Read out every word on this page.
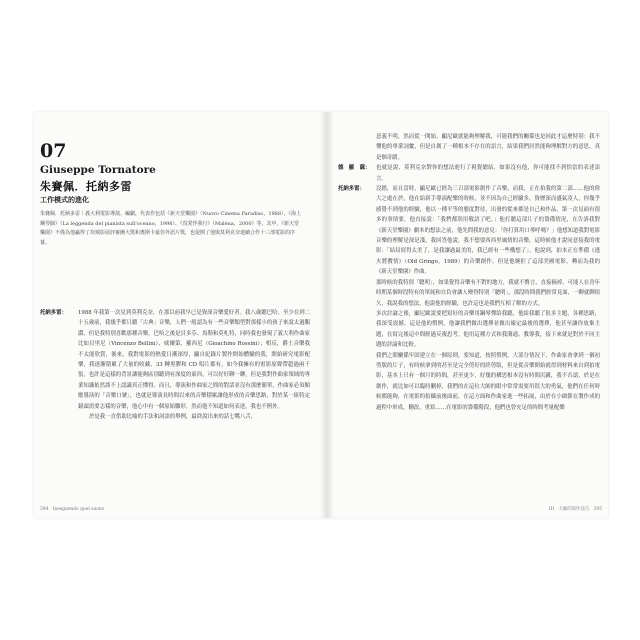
07
Giuseppe Tornatore
朱賽佩．托納多雷
工作模式的進化

朱賽佩．托納多雷｜義大利電影導演、編劇，代表作包括《新天堂樂園》（Nuovo Cinema Paradiso，1988）、《海上鋼琴師》（La leggenda del pianista sull'oceano，1998）、《真愛伴我行》（Malèna，2000）等。其中，《新天堂樂園》不僅為他贏得了坎城影展評審團大獎和奧斯卡最佳外語片獎，也促開了他與莫利克奈連續合作十三部電影的序幕。

托納多雷：	1988 年我第一次見到莫利克奈，在那以前我早已是資深音樂愛好者。我八歲聽巴哈，至少在到二十五歲前，我幾乎都只聽「古典」音樂，人們一般認為有一些音樂類型對那樣小的孩子來說太過艱澀，但是我特別喜歡那種音樂，巴哈之後是貝多芬、馬勒和莫札特，同時我也發現了義大利作曲家比如貝里尼（Vincenzo Bellini）、威爾第、羅西尼（Gioachino Rossini）；相反，爵士音樂我不太能欣賞，後來，我對電影的熱愛日漸深厚，顯自紀錄片製作開始體驗的我，開始研究電影配樂，我逐漸積累了大量的收藏，33 轉黑膠和 CD 唱片都有，如今我擁有的電影原聲帶超過兩千張，也許是這樣的背景讓能夠區別聽到有深度的東西，可以好好聊一聊，但是我對作曲家領域的專業知識依然談不上認識真正懂得。而且，導演和作曲家之間的對話並沒有那麼簡單，作曲家必須順應導演的「音樂口號」，也就是導演長時間以來的音樂積累讓他形成的音樂思路，對於某一組特定鏡頭需要怎樣的音樂，他心中有一個原始雛形，然而他不知道如何表達，我也不例外。

於是我一直借助比喻的手法和詞語的舉例，最終說出來的話七嘴八舌，

394　Inseguendo quel suono

意義不明，然而從一開始，顯尼歐就能夠理解我，可能我們的關係也是因此才這麼特別：我不懂他的專業詞彙，但是自創了一種根本不存在的語言，結果我們居然能夠理解對方的意思，真是個奇蹟。

德　羅　薩：	也就是說，莫利克奈對你的想法進行了視覺總結，如果沒有他，你可能找不到恰當的表述語言。

托納多雷：	沒錯，而且當時，顯尼歐已經為三百部電影創作了音樂，而我，正在拍我的第二部……他的偉大之處在於，他在給新手導演配樂的時候，並不因為自己經驗多，資歷深而盛氣凌人，你幾乎感覺不到他的經驗，他以一種平等的態度對待，出發的從來都是自己和作品，第一次見面有很多的事情要，他直接說：「我們都別用敬語了吧。」他打聽這部片子的籌備情況，在告訴我對《新天堂樂園》劇本的想法之前，他先問我的意見：「你打算用口琴呼嗎？」他想知道我對電影音樂的理解是深是淺，我回答他說，我不想要西西里風情的音樂，這時候他才說同意接我的電影：「結局寫得太美了，是我讓過最美的，我已經有一些構想了」。他說到，拍本正在準備《逃火將攬情》（Old Gringo，1989）的音樂創作，但是他婉拒了這部美國電影，轉而為我的《新天堂樂園》作曲。

那時候的我特別「聰明」，如果覺得音樂有不對的地方，我就不贅言，直接摘掉，可能人在青年時期某個時段特有的單純和自負會讓人變得特別「聰明」，那段時間我們經常見面，一聊就聊很久，我說我的想法，他說他的經驗，也許這也是我們互相了解的方式。

多次討論之後，顯尼歐說要把寫好的音樂用鋼琴彈給我聽，他給我聽了很多主題，各種思路，我深受震撼，這是他的慣例，他讓我們做出選擇並做出確定最後的選擇，他甚至讓你放棄主題，在寫完後這中間經過反複思考，他用這種方式和我溝通、教導我，接下來就是對於不同主題的評論和比較。

我們之間關係牢固建立在一個原則，要知道，按照慣例，大部分情況下，作曲家會拿到一個初剪版的片子，有時候拿到的甚至是完全剪好的終剪版，但是從音樂開始就得到材料來自到拍電影，基本上只有一個月的時間，甚至更少，好幾的構思根本沒有時間沉澱，我不否認，於是在創作，就比如可以臨時刪掉，我們的在這位大師的眼中常常需要用很大的勇氣，他們在任何時候都能夠，在電影的拍攝前後面前，在這方面和作曲家進一些拓展，由於在小細節在製作成的過程中形成，刪改，重寫……在電影的籌備階段，他們也曾充足的時間考量配樂

III　大師的寫作技巧　395
